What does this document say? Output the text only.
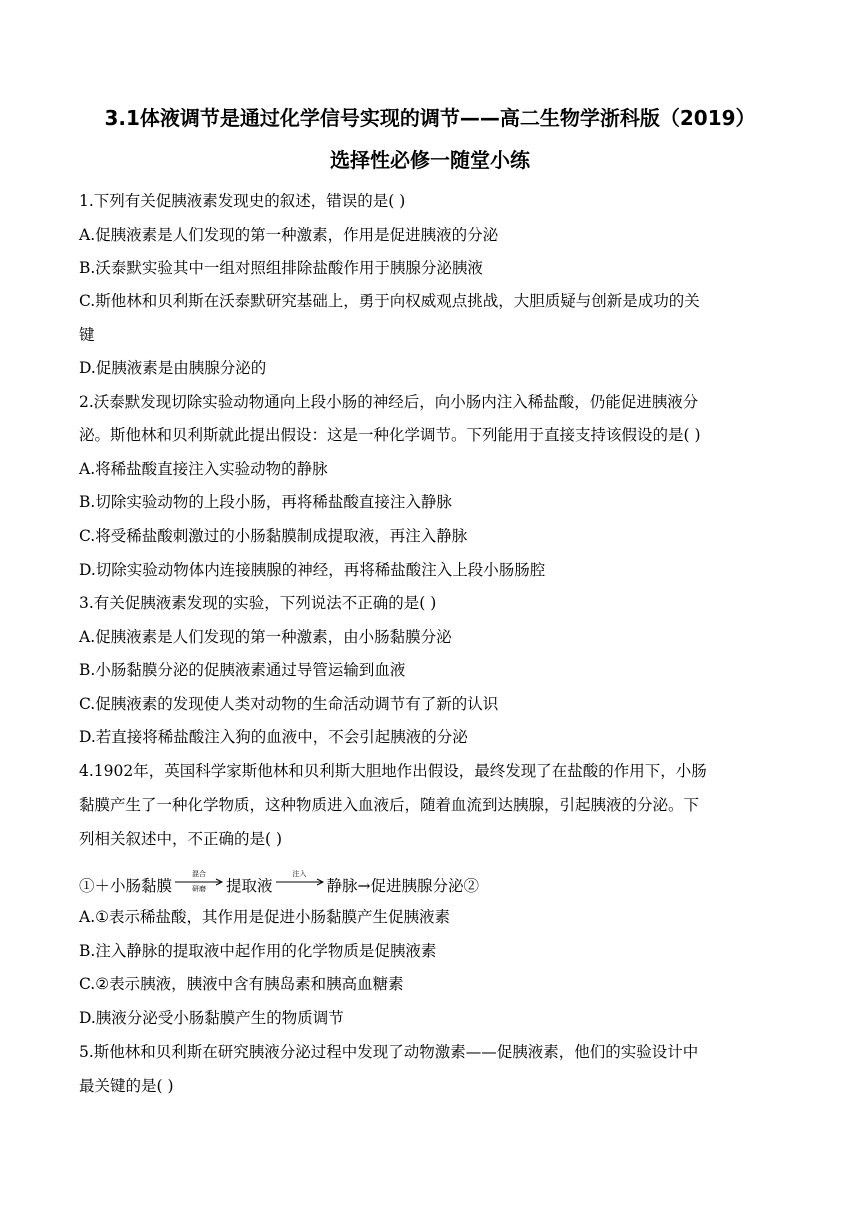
3.1体液调节是通过化学信号实现的调节——高二生物学浙科版（2019）
选择性必修一随堂小练
1.下列有关促胰液素发现史的叙述，错误的是( )
A.促胰液素是人们发现的第一种激素，作用是促进胰液的分泌
B.沃泰默实验其中一组对照组排除盐酸作用于胰腺分泌胰液
C.斯他林和贝利斯在沃泰默研究基础上，勇于向权威观点挑战，大胆质疑与创新是成功的关
键
D.促胰液素是由胰腺分泌的
2.沃泰默发现切除实验动物通向上段小肠的神经后，向小肠内注入稀盐酸，仍能促进胰液分
泌。斯他林和贝利斯就此提出假设：这是一种化学调节。下列能用于直接支持该假设的是( )
A.将稀盐酸直接注入实验动物的静脉
B.切除实验动物的上段小肠，再将稀盐酸直接注入静脉
C.将受稀盐酸刺激过的小肠黏膜制成提取液，再注入静脉
D.切除实验动物体内连接胰腺的神经，再将稀盐酸注入上段小肠肠腔
3.有关促胰液素发现的实验，下列说法不正确的是( )
A.促胰液素是人们发现的第一种激素，由小肠黏膜分泌
B.小肠黏膜分泌的促胰液素通过导管运输到血液
C.促胰液素的发现使人类对动物的生命活动调节有了新的认识
D.若直接将稀盐酸注入狗的血液中，不会引起胰液的分泌
4.1902年，英国科学家斯他林和贝利斯大胆地作出假设，最终发现了在盐酸的作用下，小肠
黏膜产生了一种化学物质，这种物质进入血液后，随着血流到达胰腺，引起胰液的分泌。下
列相关叙述中，不正确的是( )
①＋小肠黏膜
混合
研磨	提取液
注入
静脉→促进胰腺分泌②
A.①表示稀盐酸，其作用是促进小肠黏膜产生促胰液素
B.注入静脉的提取液中起作用的化学物质是促胰液素
C.②表示胰液，胰液中含有胰岛素和胰高血糖素
D.胰液分泌受小肠黏膜产生的物质调节
5.斯他林和贝利斯在研究胰液分泌过程中发现了动物激素——促胰液素，他们的实验设计中
最关键的是( )
